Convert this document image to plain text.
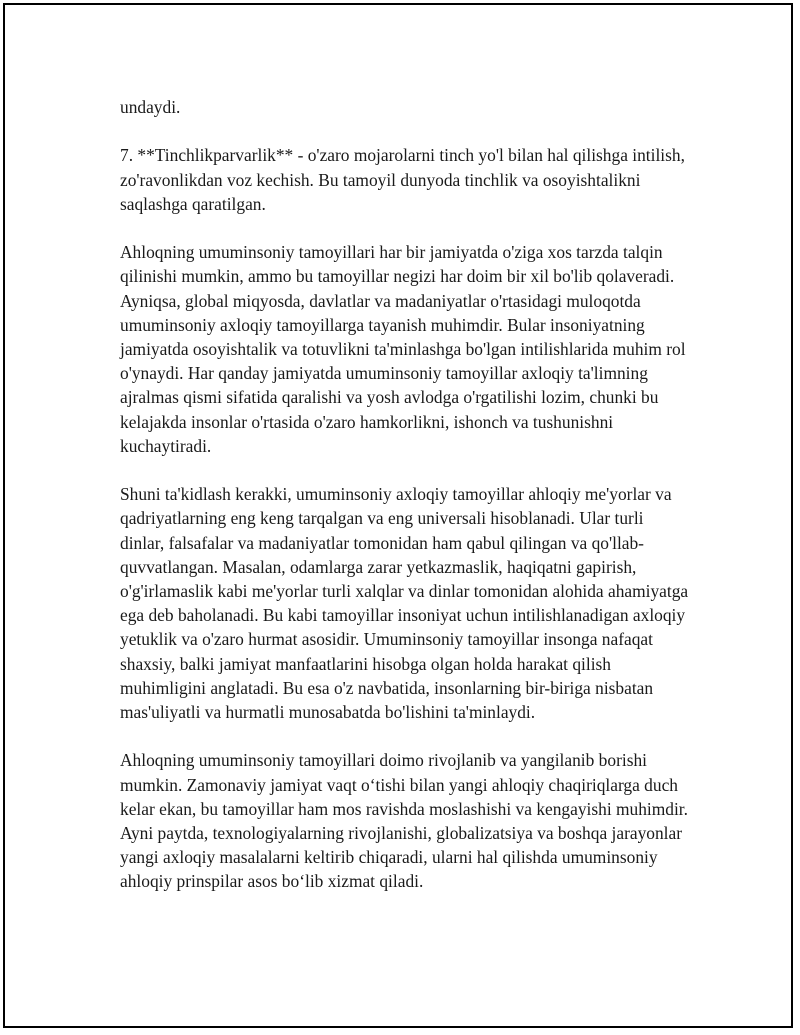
undaydi.

7. **Tinchlikparvarlik** - o'zaro mojarolarni tinch yo'l bilan hal qilishga intilish, zo'ravonlikdan voz kechish. Bu tamoyil dunyoda tinchlik va osoyishtalikni saqlashga qaratilgan.

Ahloqning umuminsoniy tamoyillari har bir jamiyatda o'ziga xos tarzda talqin qilinishi mumkin, ammo bu tamoyillar negizi har doim bir xil bo'lib qolaveradi. Ayniqsa, global miqyosda, davlatlar va madaniyatlar o'rtasidagi muloqotda umuminsoniy axloqiy tamoyillarga tayanish muhimdir. Bular insoniyatning jamiyatda osoyishtalik va totuvlikni ta'minlashga bo'lgan intilishlarida muhim rol o'ynaydi. Har qanday jamiyatda umuminsoniy tamoyillar axloqiy ta'limning ajralmas qismi sifatida qaralishi va yosh avlodga o'rgatilishi lozim, chunki bu kelajakda insonlar o'rtasida o'zaro hamkorlikni, ishonch va tushunishni kuchaytiradi.

Shuni ta'kidlash kerakki, umuminsoniy axloqiy tamoyillar ahloqiy me'yorlar va qadriyatlarning eng keng tarqalgan va eng universali hisoblanadi. Ular turli dinlar, falsafalar va madaniyatlar tomonidan ham qabul qilingan va qo'llab-quvvatlangan. Masalan, odamlarga zarar yetkazmaslik, haqiqatni gapirish, o'g'irlamaslik kabi me'yorlar turli xalqlar va dinlar tomonidan alohida ahamiyatga ega deb baholanadi. Bu kabi tamoyillar insoniyat uchun intilishlanadigan axloqiy yetuklik va o'zaro hurmat asosidir. Umuminsoniy tamoyillar insonga nafaqat shaxsiy, balki jamiyat manfaatlarini hisobga olgan holda harakat qilish muhimligini anglatadi. Bu esa o'z navbatida, insonlarning bir-biriga nisbatan mas'uliyatli va hurmatli munosabatda bo'lishini ta'minlaydi.

Ahloqning umuminsoniy tamoyillari doimo rivojlanib va yangilanib borishi mumkin. Zamonaviy jamiyat vaqt o‘tishi bilan yangi ahloqiy chaqiriqlarga duch kelar ekan, bu tamoyillar ham mos ravishda moslashishi va kengayishi muhimdir. Ayni paytda, texnologiyalarning rivojlanishi, globalizatsiya va boshqa jarayonlar yangi axloqiy masalalarni keltirib chiqaradi, ularni hal qilishda umuminsoniy ahloqiy prinspilar asos bo‘lib xizmat qiladi.
